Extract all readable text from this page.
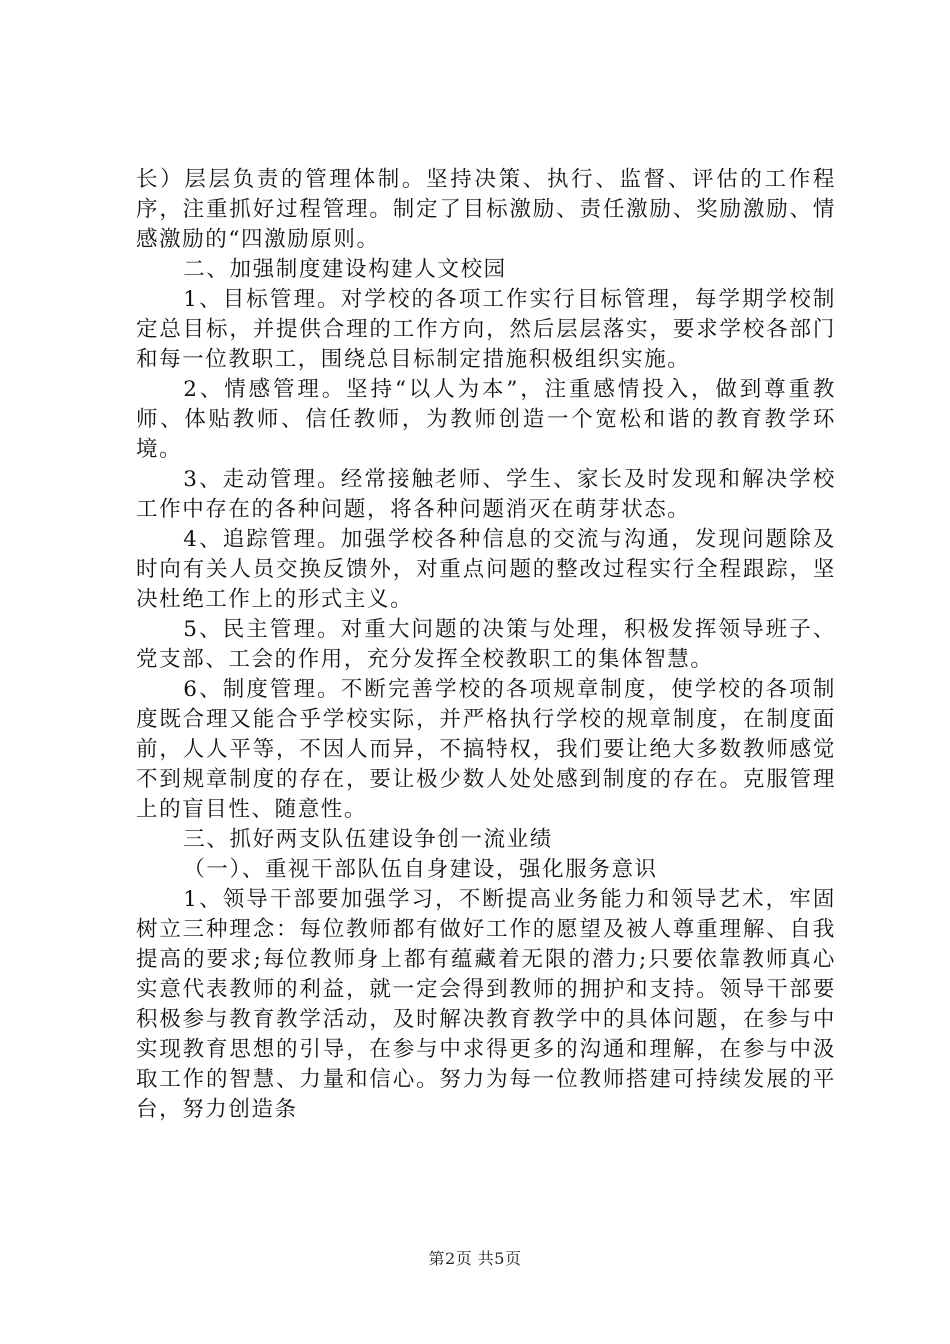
长）层层负责的管理体制。坚持决策、执行、监督、评估的工作程序，注重抓好过程管理。制定了目标激励、责任激励、奖励激励、情感激励的“四激励原则。

二、加强制度建设构建人文校园

1、目标管理。对学校的各项工作实行目标管理，每学期学校制定总目标，并提供合理的工作方向，然后层层落实，要求学校各部门和每一位教职工，围绕总目标制定措施积极组织实施。

2、情感管理。坚持“以人为本”，注重感情投入，做到尊重教师、体贴教师、信任教师，为教师创造一个宽松和谐的教育教学环境。

3、走动管理。经常接触老师、学生、家长及时发现和解决学校工作中存在的各种问题，将各种问题消灭在萌芽状态。

4、追踪管理。加强学校各种信息的交流与沟通，发现问题除及时向有关人员交换反馈外，对重点问题的整改过程实行全程跟踪，坚决杜绝工作上的形式主义。

5、民主管理。对重大问题的决策与处理，积极发挥领导班子、党支部、工会的作用，充分发挥全校教职工的集体智慧。

6、制度管理。不断完善学校的各项规章制度，使学校的各项制度既合理又能合乎学校实际，并严格执行学校的规章制度，在制度面前，人人平等，不因人而异，不搞特权，我们要让绝大多数教师感觉不到规章制度的存在，要让极少数人处处感到制度的存在。克服管理上的盲目性、随意性。

三、抓好两支队伍建设争创一流业绩

（一）、重视干部队伍自身建设，强化服务意识

1、领导干部要加强学习，不断提高业务能力和领导艺术，牢固树立三种理念：每位教师都有做好工作的愿望及被人尊重理解、自我提高的要求;每位教师身上都有蕴藏着无限的潜力;只要依靠教师真心实意代表教师的利益，就一定会得到教师的拥护和支持。领导干部要积极参与教育教学活动，及时解决教育教学中的具体问题，在参与中实现教育思想的引导，在参与中求得更多的沟通和理解，在参与中汲取工作的智慧、力量和信心。努力为每一位教师搭建可持续发展的平台，努力创造条

第2页 共5页
